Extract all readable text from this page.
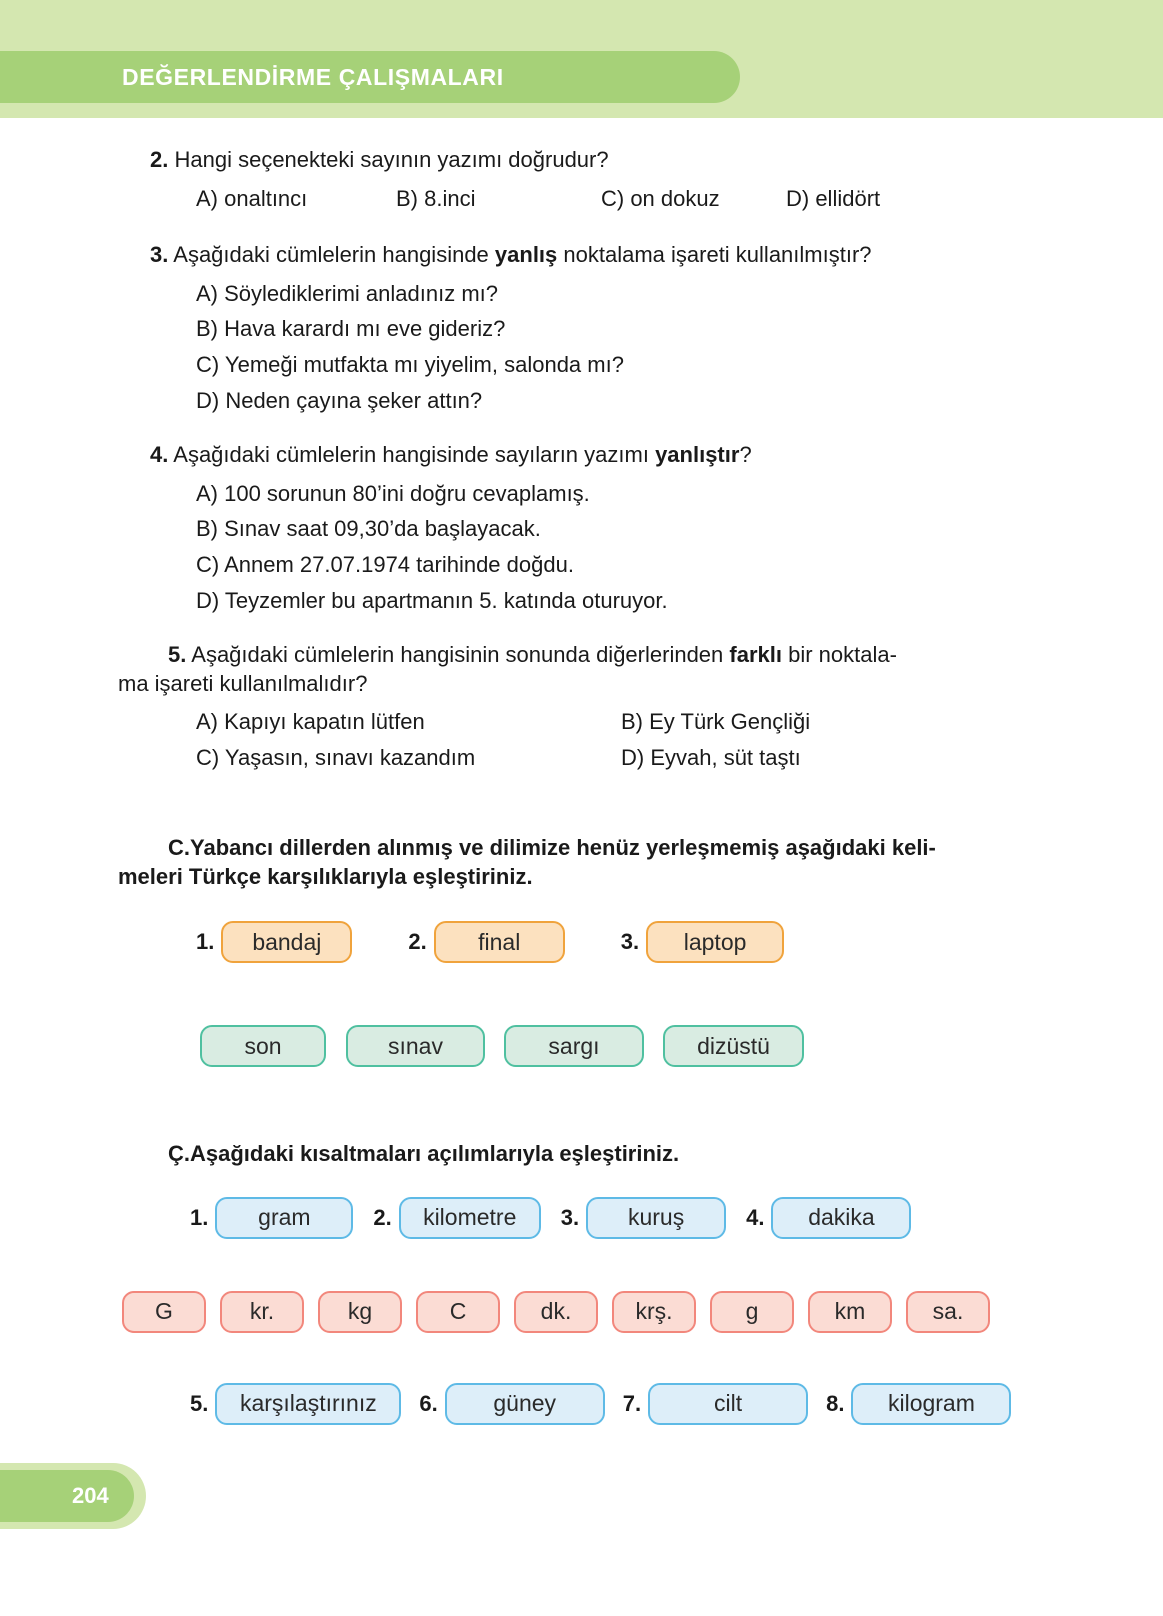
DEĞERLENDİRME ÇALIŞMALARI
2. Hangi seçenekteki sayının yazımı doğrudur?
A) onaltıncı	B) 8.inci	C) on dokuz	D) ellidört
3. Aşağıdaki cümlelerin hangisinde yanlış noktalama işareti kullanılmıştır?
A) Söylediklerimi anladınız mı?
B) Hava karardı mı eve gideriz?
C) Yemeği mutfakta mı yiyelim, salonda mı?
D) Neden çayına şeker attın?
4. Aşağıdaki cümlelerin hangisinde sayıların yazımı yanlıştır?
A) 100 sorunun 80’ini doğru cevaplamış.
B) Sınav saat 09,30’da başlayacak.
C) Annem 27.07.1974 tarihinde doğdu.
D) Teyzemler bu apartmanın 5. katında oturuyor.
5. Aşağıdaki cümlelerin hangisinin sonunda diğerlerinden farklı bir noktala-
ma işareti kullanılmalıdır?
A) Kapıyı kapatın lütfen	B) Ey Türk Gençliği
C) Yaşasın, sınavı kazandım	D) Eyvah, süt taştı
C.Yabancı dillerden alınmış ve dilimize henüz yerleşmemiş aşağıdaki keli-
meleri Türkçe karşılıklarıyla eşleştiriniz.
1.	bandaj	2.	final	3.	laptop
son	sınav	sargı	dizüstü
Ç.Aşağıdaki kısaltmaları açılımlarıyla eşleştiriniz.
1.	gram	2.	kilometre	3.	kuruş	4.	dakika
G	kr.	kg	C	dk.	krş.	g	km	sa.
5.	karşılaştırınız	6.	güney	7.	cilt	8.	kilogram
204
